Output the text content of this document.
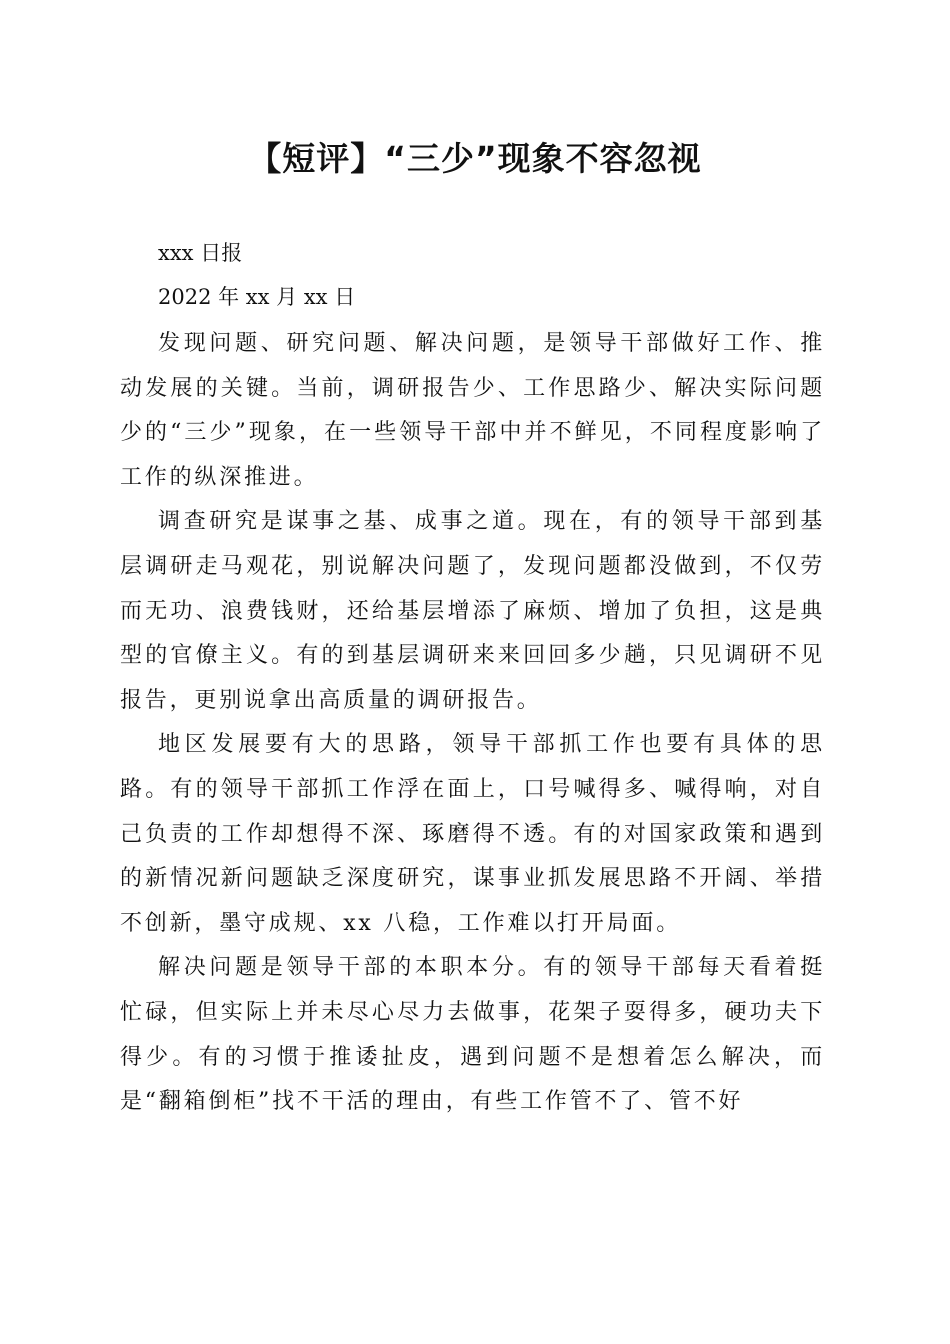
【短评】“三少”现象不容忽视
xxx 日报
2022 年 xx 月 xx 日

发现问题、研究问题、解决问题，是领导干部做好工作、推动发展的关键。当前，调研报告少、工作思路少、解决实际问题少的“三少”现象，在一些领导干部中并不鲜见，不同程度影响了工作的纵深推进。

调查研究是谋事之基、成事之道。现在，有的领导干部到基层调研走马观花，别说解决问题了，发现问题都没做到，不仅劳而无功、浪费钱财，还给基层增添了麻烦、增加了负担，这是典型的官僚主义。有的到基层调研来来回回多少趟，只见调研不见报告，更别说拿出高质量的调研报告。

地区发展要有大的思路，领导干部抓工作也要有具体的思路。有的领导干部抓工作浮在面上，口号喊得多、喊得响，对自己负责的工作却想得不深、琢磨得不透。有的对国家政策和遇到的新情况新问题缺乏深度研究，谋事业抓发展思路不开阔、举措不创新，墨守成规、xx 八稳，工作难以打开局面。

解决问题是领导干部的本职本分。有的领导干部每天看着挺忙碌，但实际上并未尽心尽力去做事，花架子耍得多，硬功夫下得少。有的习惯于推诿扯皮，遇到问题不是想着怎么解决，而是“翻箱倒柜”找不干活的理由，有些工作管不了、管不好
